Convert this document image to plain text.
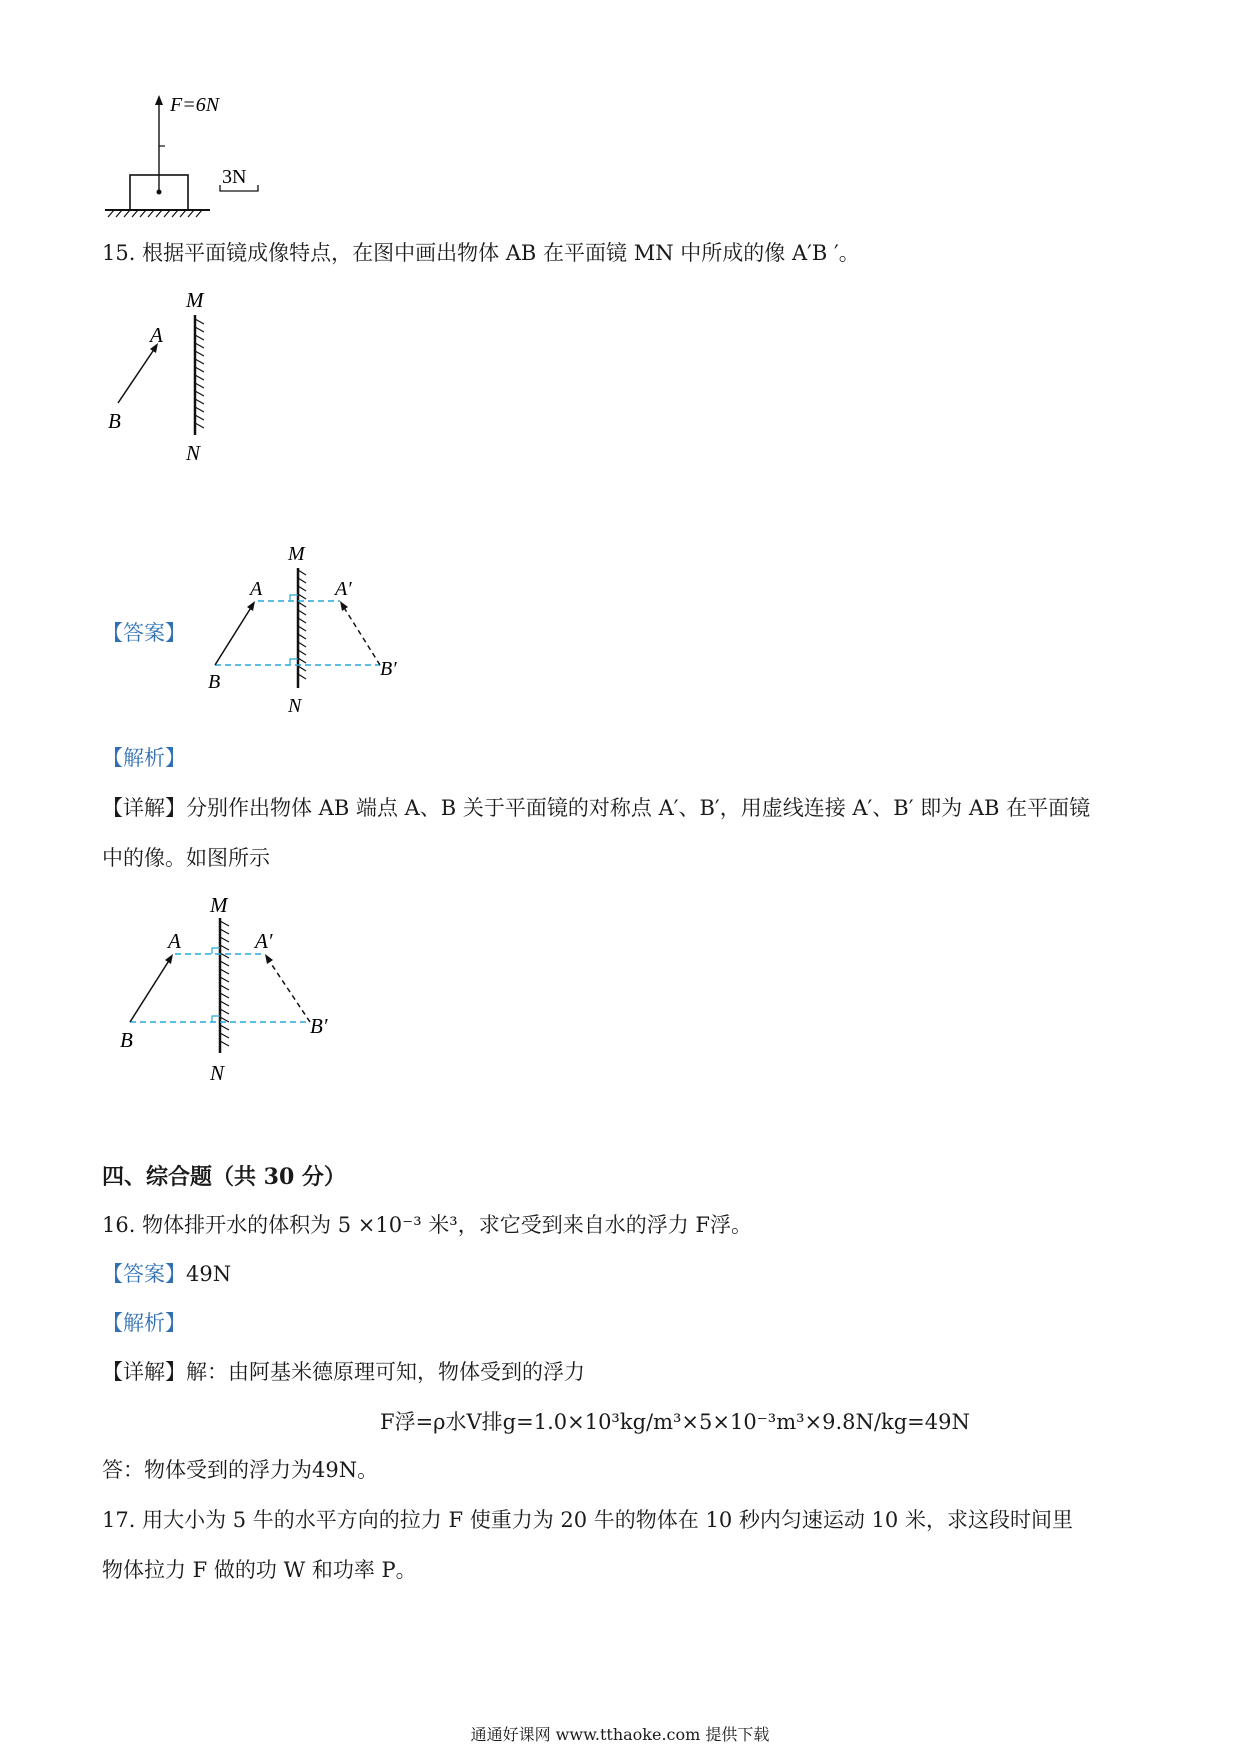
F=6N
3N
15. 根据平面镜成像特点，在图中画出物体 AB 在平面镜 MN 中所成的像 A′B ′。
M
N
A
B
【答案】
M
N
A	A′
B
B′
【解析】
【详解】分别作出物体 AB 端点 A、B 关于平面镜的对称点 A′、B′，用虚线连接 A′、B′ 即为 AB 在平面镜
中的像。如图所示
M
N
A	A′
B
B′
四、综合题（共 30 分）
16. 物体排开水的体积为 5 ×10⁻³ 米³，求它受到来自水的浮力 F浮。
【答案】49N
【解析】
【详解】解：由阿基米德原理可知，物体受到的浮力
F浮=ρ水V排g=1.0×10³kg/m³×5×10⁻³m³×9.8N/kg=49N
答：物体受到的浮力为49N。
17. 用大小为 5 牛的水平方向的拉力 F 使重力为 20 牛的物体在 10 秒内匀速运动 10 米，求这段时间里
物体拉力 F 做的功 W 和功率 P。
通通好课网 www.tthaoke.com 提供下载
